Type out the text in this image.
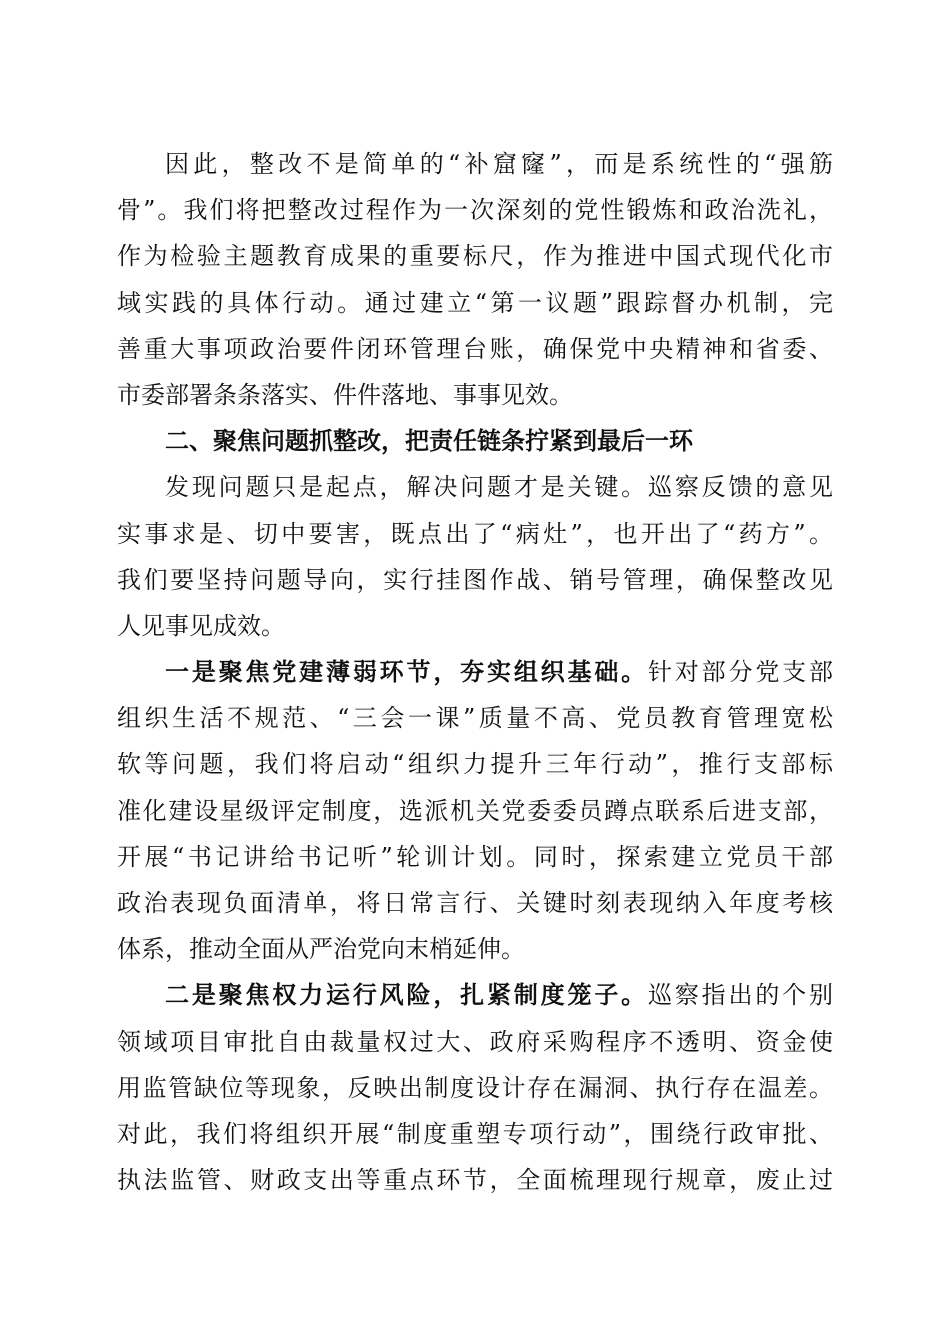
因此，整改不是简单的“补窟窿”，而是系统性的“强筋
骨”。我们将把整改过程作为一次深刻的党性锻炼和政治洗礼，
作为检验主题教育成果的重要标尺，作为推进中国式现代化市
域实践的具体行动。通过建立“第一议题”跟踪督办机制，完
善重大事项政治要件闭环管理台账，确保党中央精神和省委、
市委部署条条落实、件件落地、事事见效。
二、聚焦问题抓整改，把责任链条拧紧到最后一环
发现问题只是起点，解决问题才是关键。巡察反馈的意见
实事求是、切中要害，既点出了“病灶”，也开出了“药方”。
我们要坚持问题导向，实行挂图作战、销号管理，确保整改见
人见事见成效。
一是聚焦党建薄弱环节，夯实组织基础。针对部分党支部
组织生活不规范、“三会一课”质量不高、党员教育管理宽松
软等问题，我们将启动“组织力提升三年行动”，推行支部标
准化建设星级评定制度，选派机关党委委员蹲点联系后进支部，
开展“书记讲给书记听”轮训计划。同时，探索建立党员干部
政治表现负面清单，将日常言行、关键时刻表现纳入年度考核
体系，推动全面从严治党向末梢延伸。
二是聚焦权力运行风险，扎紧制度笼子。巡察指出的个别
领域项目审批自由裁量权过大、政府采购程序不透明、资金使
用监管缺位等现象，反映出制度设计存在漏洞、执行存在温差。
对此，我们将组织开展“制度重塑专项行动”，围绕行政审批、
执法监管、财政支出等重点环节，全面梳理现行规章，废止过
